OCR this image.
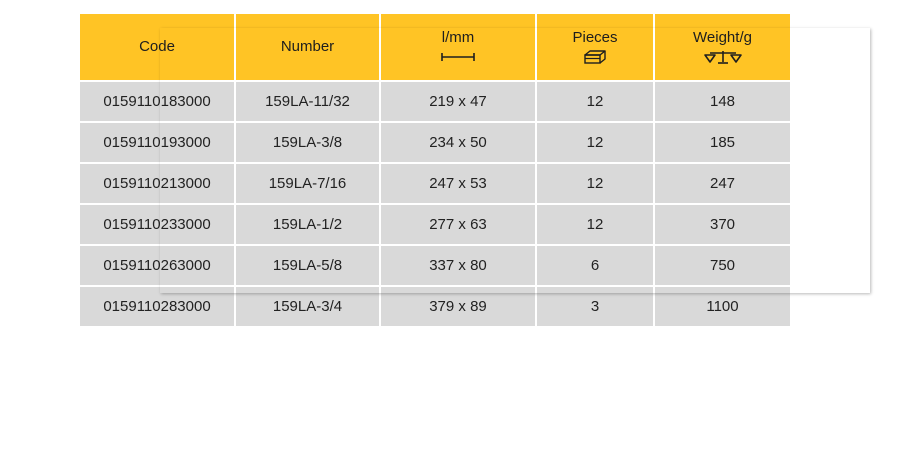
Code	Number	l/mm	Pieces	Weight/g

0159110183000	159LA-11/32	219 x 47	12	148
0159110193000	159LA-3/8	234 x 50	12	185
0159110213000	159LA-7/16	247 x 53	12	247
0159110233000	159LA-1/2	277 x 63	12	370
0159110263000	159LA-5/8	337 x 80	6	750
0159110283000	159LA-3/4	379 x 89	3	1100
